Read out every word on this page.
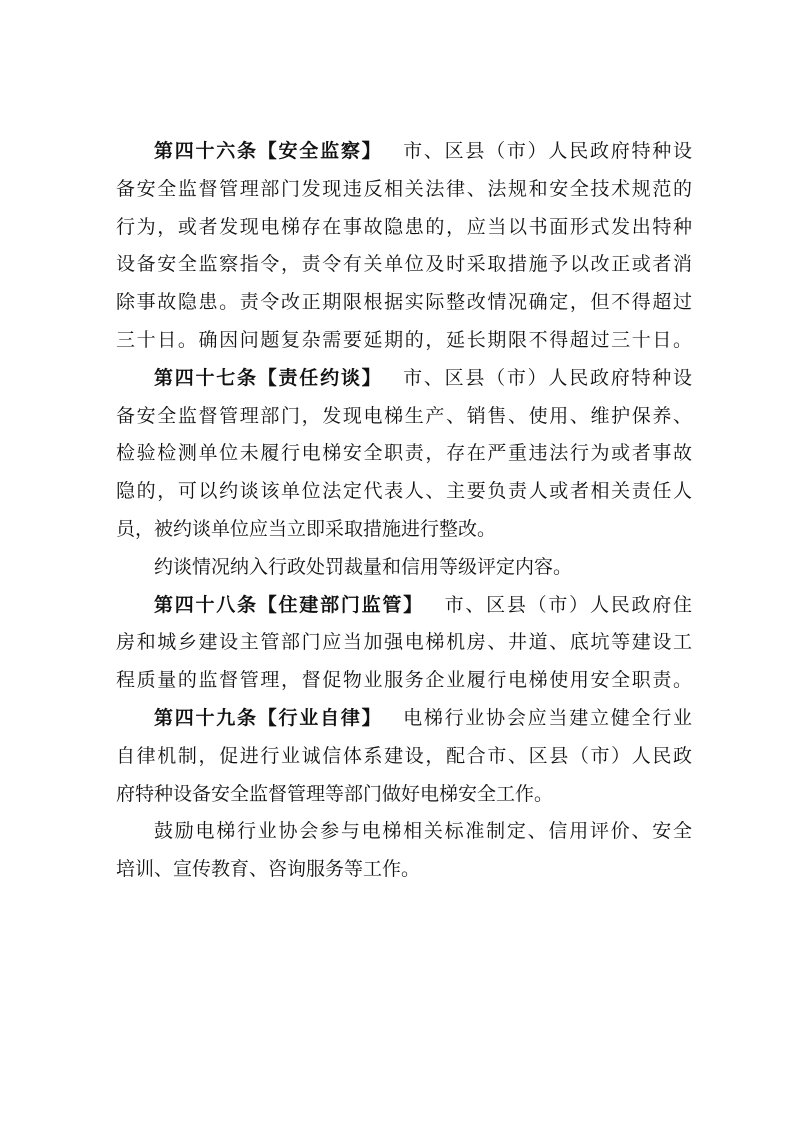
第四十六条【安全监察】  市、区县（市）人民政府特种设
备安全监督管理部门发现违反相关法律、法规和安全技术规范的
行为，或者发现电梯存在事故隐患的，应当以书面形式发出特种
设备安全监察指令，责令有关单位及时采取措施予以改正或者消
除事故隐患。责令改正期限根据实际整改情况确定，但不得超过
三十日。确因问题复杂需要延期的，延长期限不得超过三十日。
第四十七条【责任约谈】  市、区县（市）人民政府特种设
备安全监督管理部门，发现电梯生产、销售、使用、维护保养、
检验检测单位未履行电梯安全职责，存在严重违法行为或者事故
隐的，可以约谈该单位法定代表人、主要负责人或者相关责任人
员，被约谈单位应当立即采取措施进行整改。
约谈情况纳入行政处罚裁量和信用等级评定内容。
第四十八条【住建部门监管】  市、区县（市）人民政府住
房和城乡建设主管部门应当加强电梯机房、井道、底坑等建设工
程质量的监督管理，督促物业服务企业履行电梯使用安全职责。
第四十九条【行业自律】  电梯行业协会应当建立健全行业
自律机制，促进行业诚信体系建设，配合市、区县（市）人民政
府特种设备安全监督管理等部门做好电梯安全工作。
鼓励电梯行业协会参与电梯相关标准制定、信用评价、安全
培训、宣传教育、咨询服务等工作。
